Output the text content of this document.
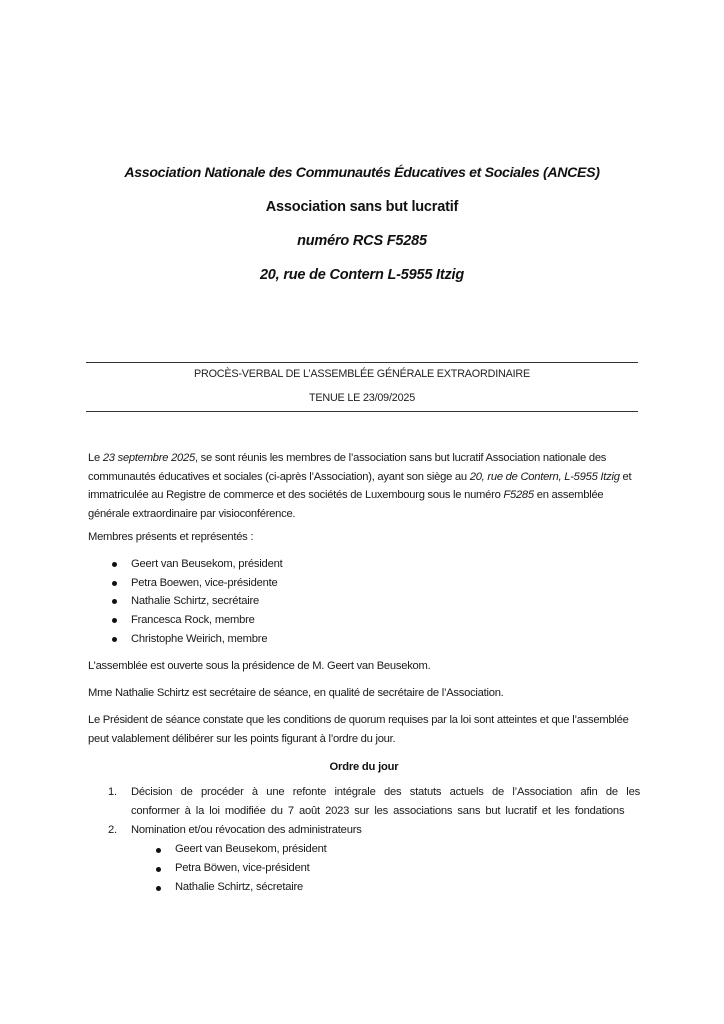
Association Nationale des Communautés Éducatives et Sociales (ANCES)
Association sans but lucratif
numéro RCS F5285
20, rue de Contern L-5955 Itzig
PROCÈS-VERBAL DE L’ASSEMBLÉE GÉNÉRALE EXTRAORDINAIRE
TENUE LE 23/09/2025
Le 23 septembre 2025, se sont réunis les membres de l’association sans but lucratif Association nationale des communautés éducatives et sociales (ci-après l’Association), ayant son siège au 20, rue de Contern, L-5955 Itzig et immatriculée au Registre de commerce et des sociétés de Luxembourg sous le numéro F5285 en assemblée générale extraordinaire par visioconférence.
Membres présents et représentés :
Geert van Beusekom, président
Petra Boewen, vice-présidente
Nathalie Schirtz, secrétaire
Francesca Rock, membre
Christophe Weirich, membre
L’assemblée est ouverte sous la présidence de M. Geert van Beusekom.
Mme Nathalie Schirtz est secrétaire de séance, en qualité de secrétaire de l’Association.
Le Président de séance constate que les conditions de quorum requises par la loi sont atteintes et que l’assemblée peut valablement délibérer sur les points figurant à l’ordre du jour.
Ordre du jour
1. Décision de procéder à une refonte intégrale des statuts actuels de l’Association afin de les conformer à la loi modifiée du 7 août 2023 sur les associations sans but lucratif et les fondations
2. Nomination et/ou révocation des administrateurs
Geert van Beusekom, président
Petra Böwen, vice-président
Nathalie Schirtz, sécretaire
